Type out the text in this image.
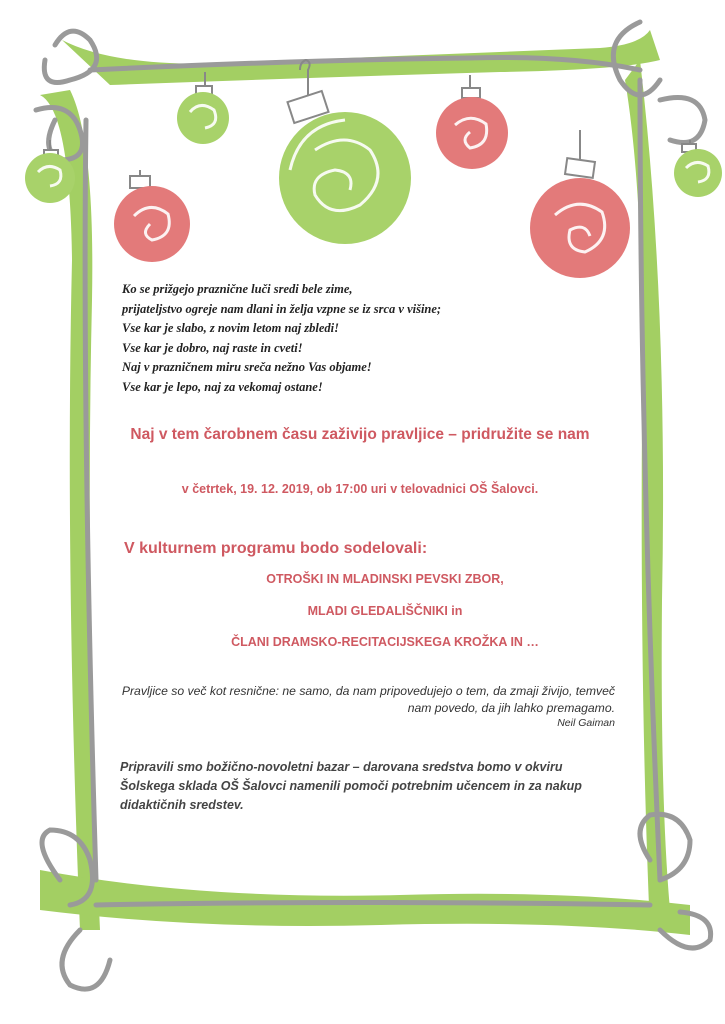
Ko se prižgejo praznične luči sredi bele zime,
prijateljstvo ogreje nam dlani in želja vzpne se iz srca v višine;
Vse kar je slabo, z novim letom naj zbledi!
Vse kar je dobro, naj raste in cveti!
Naj v prazničnem miru sreča nežno Vas objame!
Vse kar je lepo, naj za vekomaj ostane!
Naj v tem čarobnem času zaživijo pravljice – pridružite se nam
v četrtek, 19. 12. 2019, ob 17:00 uri v telovadnici OŠ Šalovci.
V kulturnem programu bodo sodelovali:
OTROŠKI IN MLADINSKI PEVSKI ZBOR,
MLADI GLEDALIŠČNIKI in
ČLANI DRAMSKO-RECITACIJSKEGA KROŽKA IN …
Pravljice so več kot resnične: ne samo, da nam pripovedujejo o tem, da zmaji živijo, temveč nam povedo, da jih lahko premagamo.
Neil Gaiman
Pripravili smo božično-novoletni bazar – darovana sredstva bomo v okviru Šolskega sklada OŠ Šalovci namenili pomoči potrebnim učencem in za nakup didaktičnih sredstev.
